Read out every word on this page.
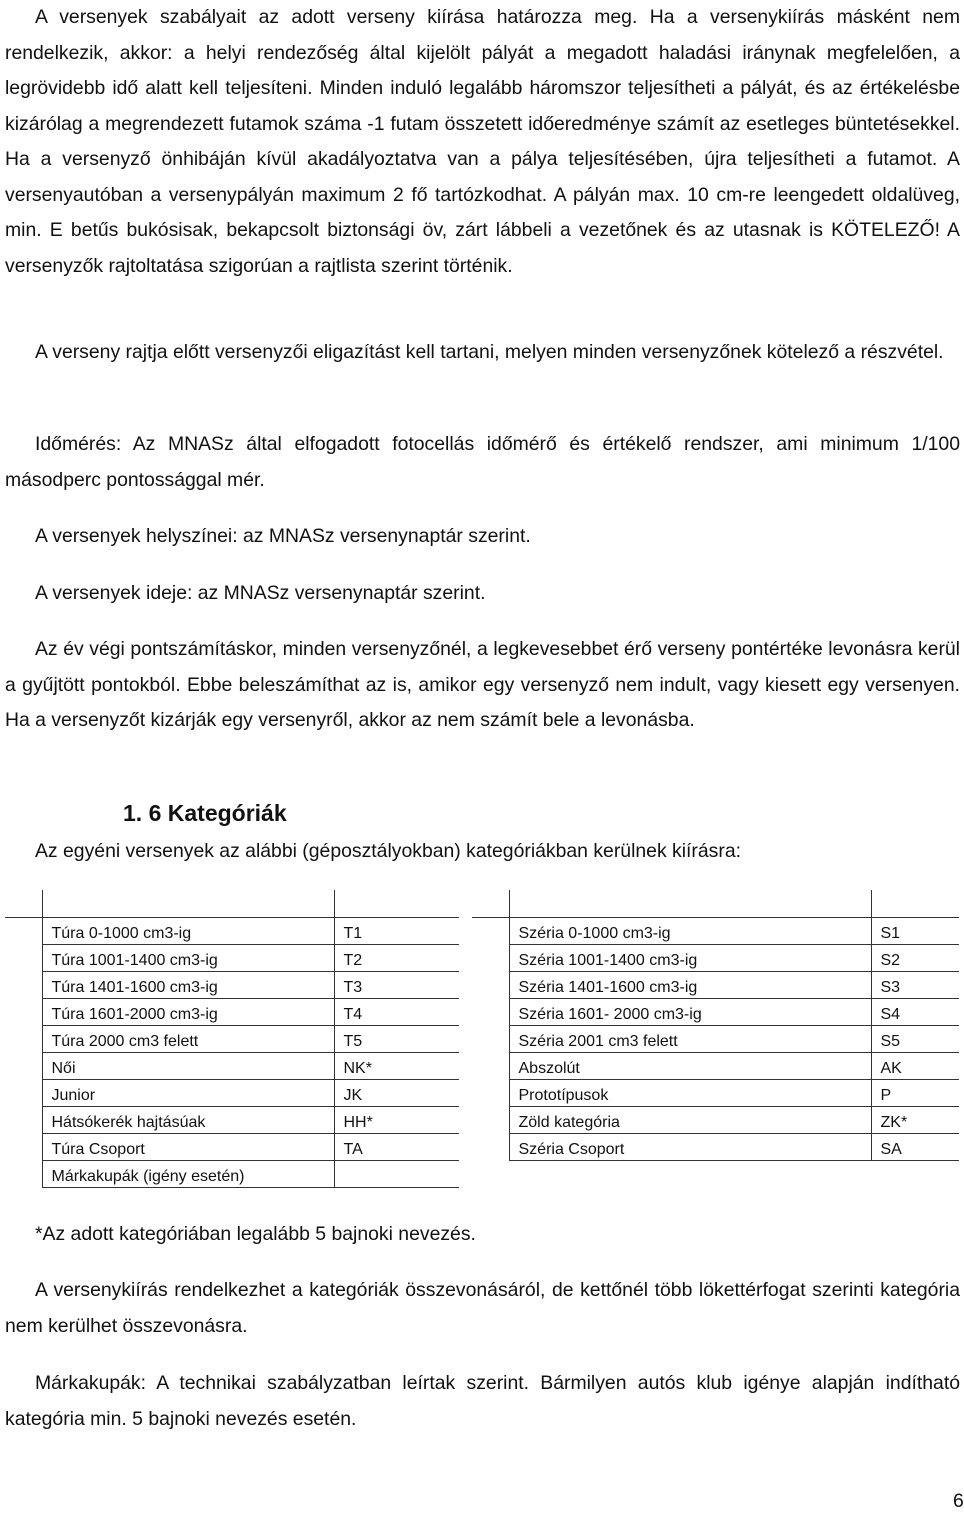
A versenyek szabályait az adott verseny kiírása határozza meg. Ha a versenykiírás másként nem rendelkezik, akkor: a helyi rendezőség által kijelölt pályát a megadott haladási iránynak megfelelően, a legrövidebb idő alatt kell teljesíteni. Minden induló legalább háromszor teljesítheti a pályát, és az értékelésbe kizárólag a megrendezett futamok száma -1 futam összetett időeredménye számít az esetleges büntetésekkel. Ha a versenyző önhibáján kívül akadályoztatva van a pálya teljesítésében, újra teljesítheti a futamot. A versenyautóban a versenypályán maximum 2 fő tartózkodhat. A pályán max. 10 cm-re leengedett oldalüveg, min. E betűs bukósisak, bekapcsolt biztonsági öv, zárt lábbeli a vezetőnek és az utasnak is KÖTELEZŐ! A versenyzők rajtoltatása szigorúan a rajtlista szerint történik.

A verseny rajtja előtt versenyzői eligazítást kell tartani, melyen minden versenyzőnek kötelező a részvétel.

Időmérés: Az MNASz által elfogadott fotocellás időmérő és értékelő rendszer, ami minimum 1/100 másodperc pontossággal mér.

A versenyek helyszínei: az MNASz versenynaptár szerint.

A versenyek ideje: az MNASz versenynaptár szerint.

Az év végi pontszámításkor, minden versenyzőnél, a legkevesebbet érő verseny pontértéke levonásra kerül a gyűjtött pontokból. Ebbe beleszámíthat az is, amikor egy versenyző nem indult, vagy kiesett egy versenyen. Ha a versenyzőt kizárják egy versenyről, akkor az nem számít bele a levonásba.

1. 6 Kategóriák

Az egyéni versenyek az alábbi (géposztályokban) kategóriákban kerülnek kiírásra:

	Túra 0-1000 cm3-ig	T1
	Túra 1001-1400 cm3-ig	T2
	Túra 1401-1600 cm3-ig	T3
	Túra 1601-2000 cm3-ig	T4
	Túra 2000 cm3 felett	T5
	Női	NK*
	Junior	JK
	Hátsókerék hajtásúak	HH*
	Túra Csoport	TA
	Márkakupák (igény esetén)	

	Széria 0-1000 cm3-ig	S1
	Széria 1001-1400 cm3-ig	S2
	Széria 1401-1600 cm3-ig	S3
	Széria 1601- 2000 cm3-ig	S4
	Széria 2001 cm3 felett	S5
	Abszolút	AK
	Prototípusok	P
	Zöld kategória	ZK*
	Széria Csoport	SA

*Az adott kategóriában legalább 5 bajnoki nevezés.

A versenykiírás rendelkezhet a kategóriák összevonásáról, de kettőnél több lökettérfogat szerinti kategória nem kerülhet összevonásra.

Márkakupák: A technikai szabályzatban leírtak szerint. Bármilyen autós klub igénye alapján indítható kategória min. 5 bajnoki nevezés esetén.

6
